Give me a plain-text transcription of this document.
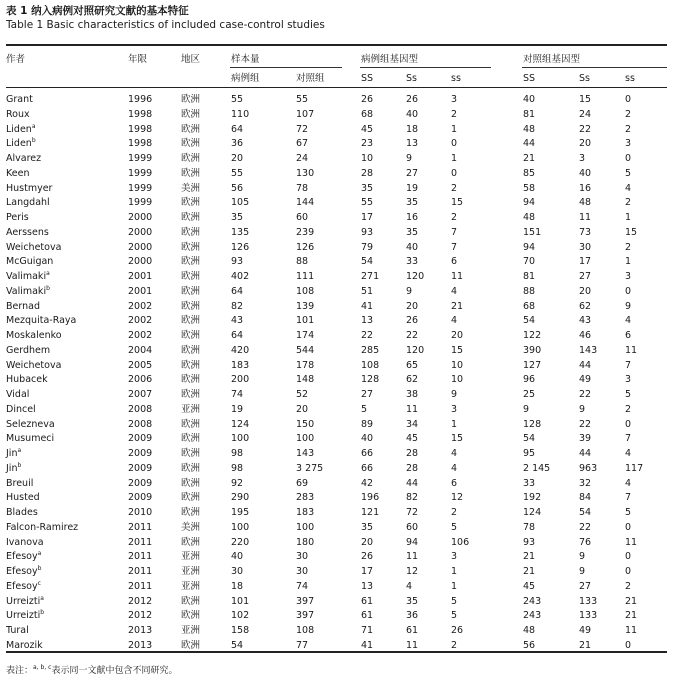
表 1 纳入病例对照研究文献的基本特征
Table 1 Basic characteristics of included case-control studies
作者	年限	地区	样本量	病例组基因型	对照组基因型
病例组	对照组	SS	Ss	ss	SS	Ss	ss
Grant	1996	欧洲	55	55	26	26	3	40	15	0
Roux	1998	欧洲	110	107	68	40	2	81	24	2
Liden$^a$	1998	欧洲	64	72	45	18	1	48	22	2
Liden$^b$	1998	欧洲	36	67	23	13	0	44	20	3
Alvarez	1999	欧洲	20	24	10	9	1	21	3	0
Keen	1999	欧洲	55	130	28	27	0	85	40	5
Hustmyer	1999	美洲	56	78	35	19	2	58	16	4
Langdahl	1999	欧洲	105	144	55	35	15	94	48	2
Peris	2000	欧洲	35	60	17	16	2	48	11	1
Aerssens	2000	欧洲	135	239	93	35	7	151	73	15
Weichetova	2000	欧洲	126	126	79	40	7	94	30	2
McGuigan	2000	欧洲	93	88	54	33	6	70	17	1
Valimaki$^a$	2001	欧洲	402	111	271	120	11	81	27	3
Valimaki$^b$	2001	欧洲	64	108	51	9	4	88	20	0
Bernad	2002	欧洲	82	139	41	20	21	68	62	9
Mezquita-Raya	2002	欧洲	43	101	13	26	4	54	43	4
Moskalenko	2002	欧洲	64	174	22	22	20	122	46	6
Gerdhem	2004	欧洲	420	544	285	120	15	390	143	11
Weichetova	2005	欧洲	183	178	108	65	10	127	44	7
Hubacek	2006	欧洲	200	148	128	62	10	96	49	3
Vidal	2007	欧洲	74	52	27	38	9	25	22	5
Dincel	2008	亚洲	19	20	5	11	3	9	9	2
Selezneva	2008	欧洲	124	150	89	34	1	128	22	0
Musumeci	2009	欧洲	100	100	40	45	15	54	39	7
Jin$^a$	2009	欧洲	98	143	66	28	4	95	44	4
Jin$^b$	2009	欧洲	98	3 275	66	28	4	2 145	963	117
Breuil	2009	欧洲	92	69	42	44	6	33	32	4
Husted	2009	欧洲	290	283	196	82	12	192	84	7
Blades	2010	欧洲	195	183	121	72	2	124	54	5
Falcon-Ramirez	2011	美洲	100	100	35	60	5	78	22	0
Ivanova	2011	欧洲	220	180	20	94	106	93	76	11
Efesoy$^a$	2011	亚洲	40	30	26	11	3	21	9	0
Efesoy$^b$	2011	亚洲	30	30	17	12	1	21	9	0
Efesoy$^c$	2011	亚洲	18	74	13	4	1	45	27	2
Urreizti$^a$	2012	欧洲	101	397	61	35	5	243	133	21
Urreizti$^b$	2012	欧洲	102	397	61	36	5	243	133	21
Tural	2013	亚洲	158	108	71	61	26	48	49	11
Marozik	2013	欧洲	54	77	41	11	2	56	21	0
表注：$^{a, b, c}$表示同一文献中包含不同研究。
